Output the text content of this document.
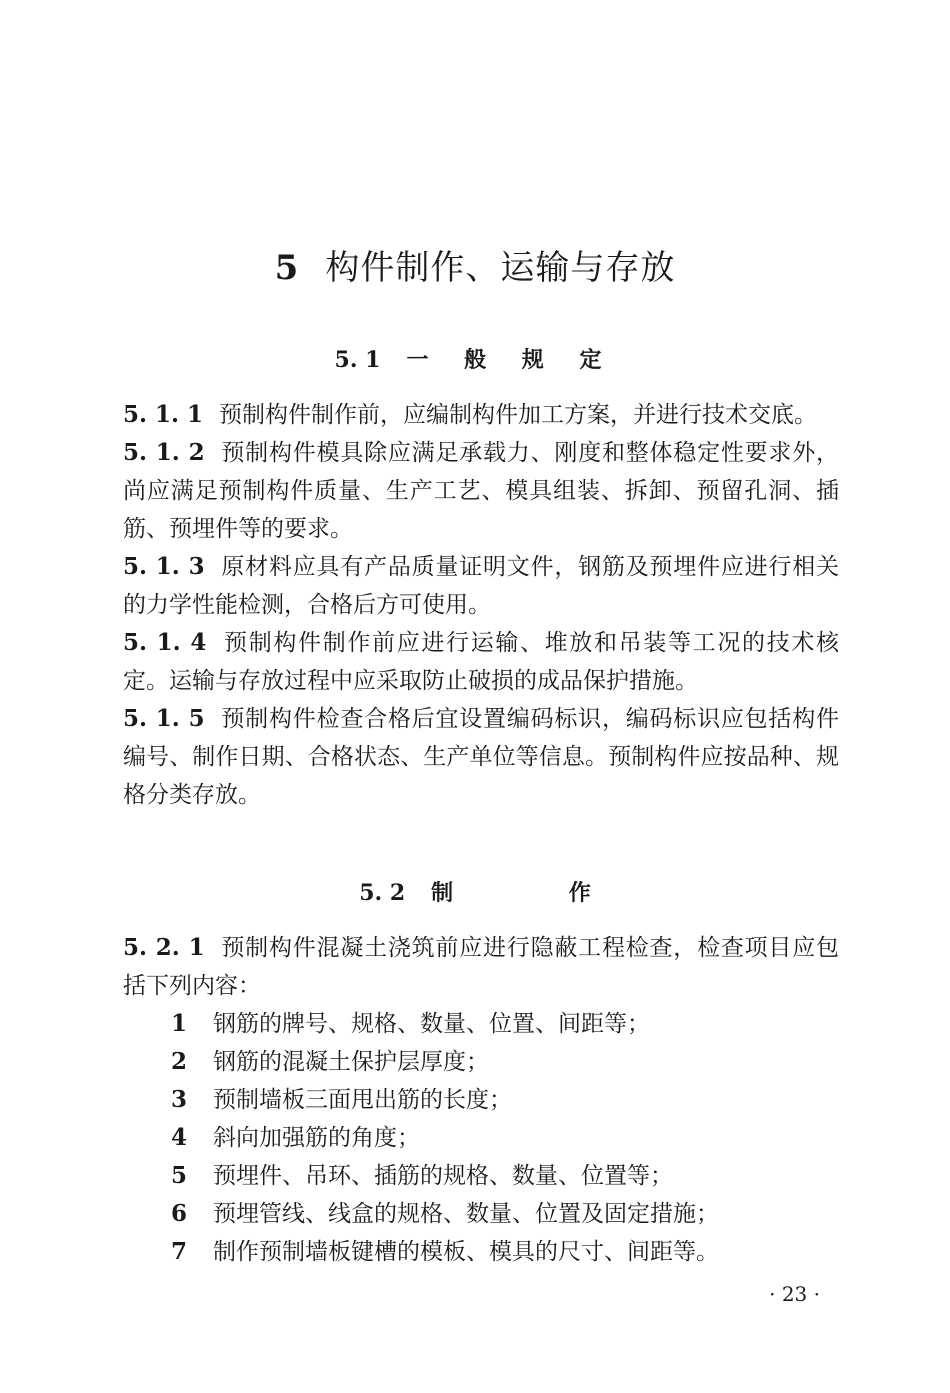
5 构件制作、运输与存放
5. 1 一 般 规 定

5. 1. 1 预制构件制作前，应编制构件加工方案，并进行技术交底。

5. 1. 2 预制构件模具除应满足承载力、刚度和整体稳定性要求外，尚应满足预制构件质量、生产工艺、模具组装、拆卸、预留孔洞、插筋、预埋件等的要求。

5. 1. 3 原材料应具有产品质量证明文件，钢筋及预埋件应进行相关的力学性能检测，合格后方可使用。

5. 1. 4 预制构件制作前应进行运输、堆放和吊装等工况的技术核定。运输与存放过程中应采取防止破损的成品保护措施。

5. 1. 5 预制构件检查合格后宜设置编码标识，编码标识应包括构件编号、制作日期、合格状态、生产单位等信息。预制构件应按品种、规格分类存放。

5. 2 制 作

5. 2. 1 预制构件混凝土浇筑前应进行隐蔽工程检查，检查项目应包括下列内容：

1 钢筋的牌号、规格、数量、位置、间距等；
2 钢筋的混凝土保护层厚度；
3 预制墙板三面甩出筋的长度；
4 斜向加强筋的角度；
5 预埋件、吊环、插筋的规格、数量、位置等；
6 预埋管线、线盒的规格、数量、位置及固定措施；
7 制作预制墙板键槽的模板、模具的尺寸、间距等。
· 23 ·
